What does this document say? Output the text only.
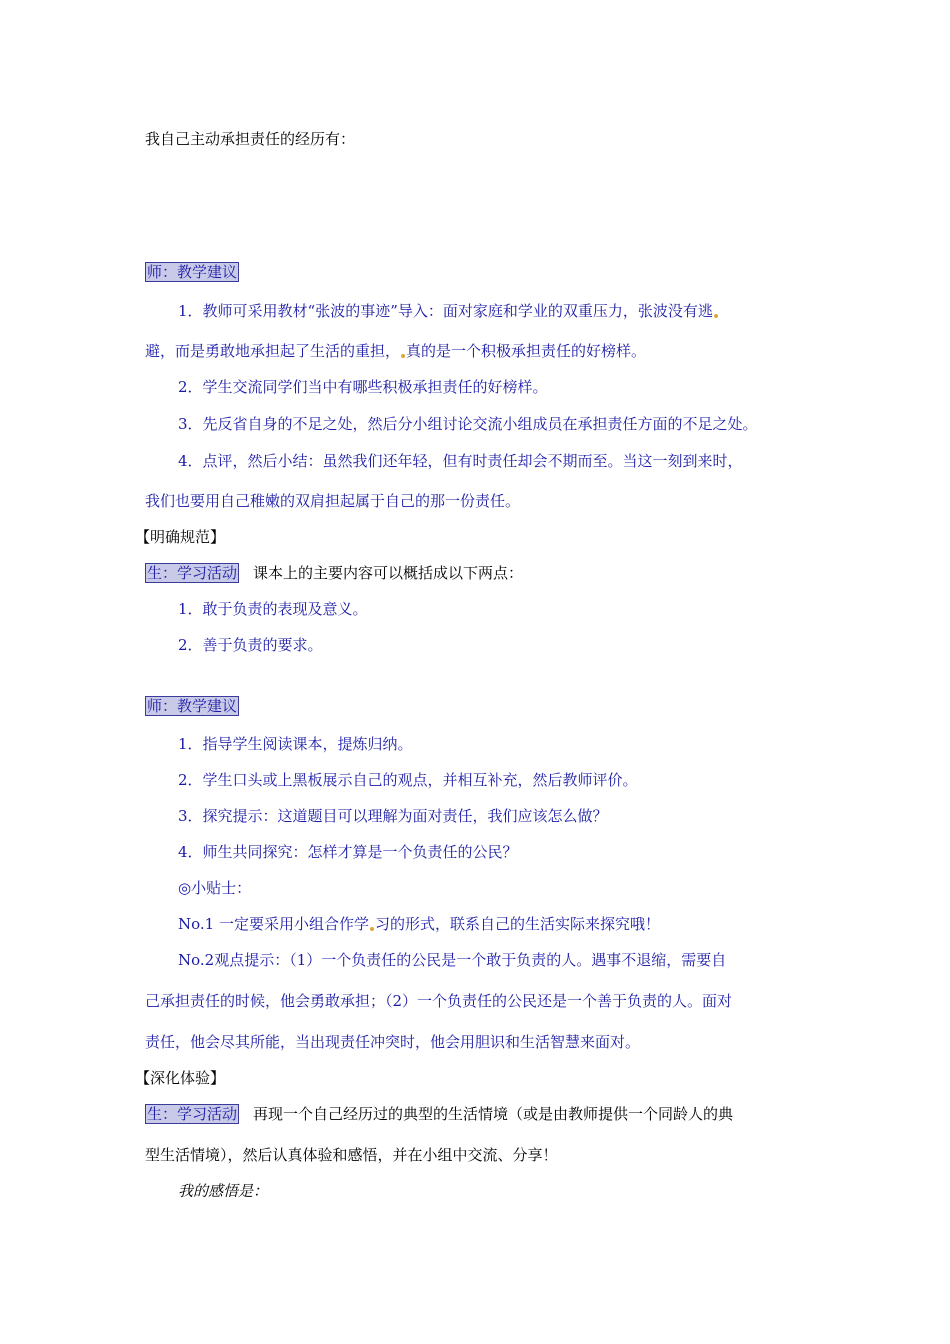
我自己主动承担责任的经历有：
师：教学建议
1．教师可采用教材“张波的事迹”导入：面对家庭和学业的双重压力，张波没有逃
避，而是勇敢地承担起了生活的重担， 真的是一个积极承担责任的好榜样。
2．学生交流同学们当中有哪些积极承担责任的好榜样。
3．先反省自身的不足之处，然后分小组讨论交流小组成员在承担责任方面的不足之处。
4．点评，然后小结：虽然我们还年轻，但有时责任却会不期而至。当这一刻到来时，
我们也要用自己稚嫩的双肩担起属于自己的那一份责任。
【明确规范】
生：学习活动 课本上的主要内容可以概括成以下两点：
1．敢于负责的表现及意义。
2．善于负责的要求。
师：教学建议
1．指导学生阅读课本，提炼归纳。
2．学生口头或上黑板展示自己的观点，并相互补充，然后教师评价。
3．探究提示：这道题目可以理解为面对责任，我们应该怎么做？
4．师生共同探究：怎样才算是一个负责任的公民？
◎小贴士：
No.1 一定要采用小组合作学 习的形式，联系自己的生活实际来探究哦！
No.2观点提示：（1）一个负责任的公民是一个敢于负责的人。遇事不退缩，需要自
己承担责任的时候，他会勇敢承担；（2）一个负责任的公民还是一个善于负责的人。面对
责任，他会尽其所能，当出现责任冲突时，他会用胆识和生活智慧来面对。
【深化体验】
生：学习活动 再现一个自己经历过的典型的生活情境（或是由教师提供一个同龄人的典
型生活情境），然后认真体验和感悟，并在小组中交流、分享！
我的感悟是：
